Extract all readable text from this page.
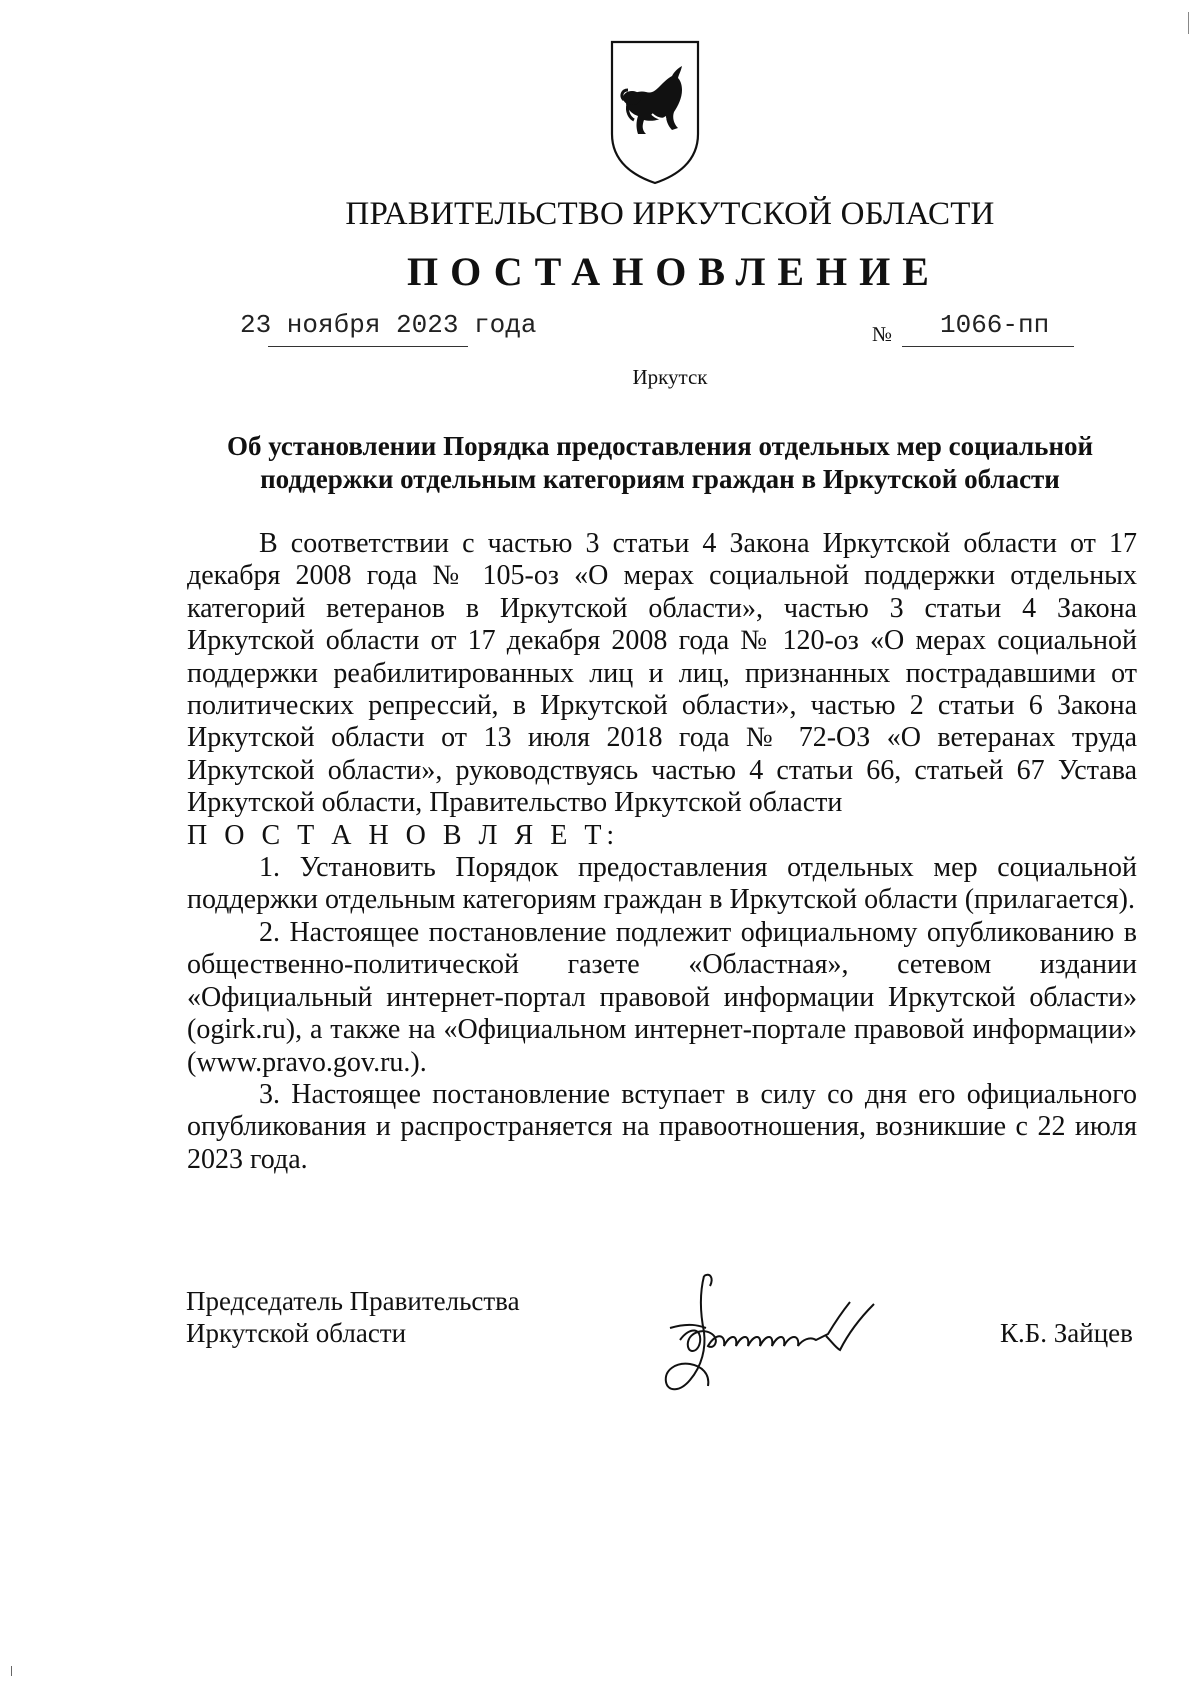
ПРАВИТЕЛЬСТВО ИРКУТСКОЙ ОБЛАСТИ
ПОСТАНОВЛЕНИЕ
23 ноября 2023 года	№ 1066-пп
Иркутск
Об установлении Порядка предоставления отдельных мер социальной поддержки отдельным категориям граждан в Иркутской области

В соответствии с частью 3 статьи 4 Закона Иркутской области от 17 декабря 2008 года № 105-оз «О мерах социальной поддержки отдельных категорий ветеранов в Иркутской области», частью 3 статьи 4 Закона Иркутской области от 17 декабря 2008 года № 120-оз «О мерах социальной поддержки реабилитированных лиц и лиц, признанных пострадавшими от политических репрессий, в Иркутской области», частью 2 статьи 6 Закона Иркутской области от 13 июля 2018 года № 72-ОЗ «О ветеранах труда Иркутской области», руководствуясь частью 4 статьи 66, статьей 67 Устава Иркутской области, Правительство Иркутской области

П О С Т А Н О В Л Я Е Т:

1. Установить Порядок предоставления отдельных мер социальной поддержки отдельным категориям граждан в Иркутской области (прилагается).

2. Настоящее постановление подлежит официальному опубликованию в общественно-политической газете «Областная», сетевом издании «Официальный интернет-портал правовой информации Иркутской области» (ogirk.ru), а также на «Официальном интернет-портале правовой информации» (www.pravo.gov.ru.).

3. Настоящее постановление вступает в силу со дня его официального опубликования и распространяется на правоотношения, возникшие с 22 июля 2023 года.

Председатель Правительства
Иркутской области	К.Б. Зайцев
